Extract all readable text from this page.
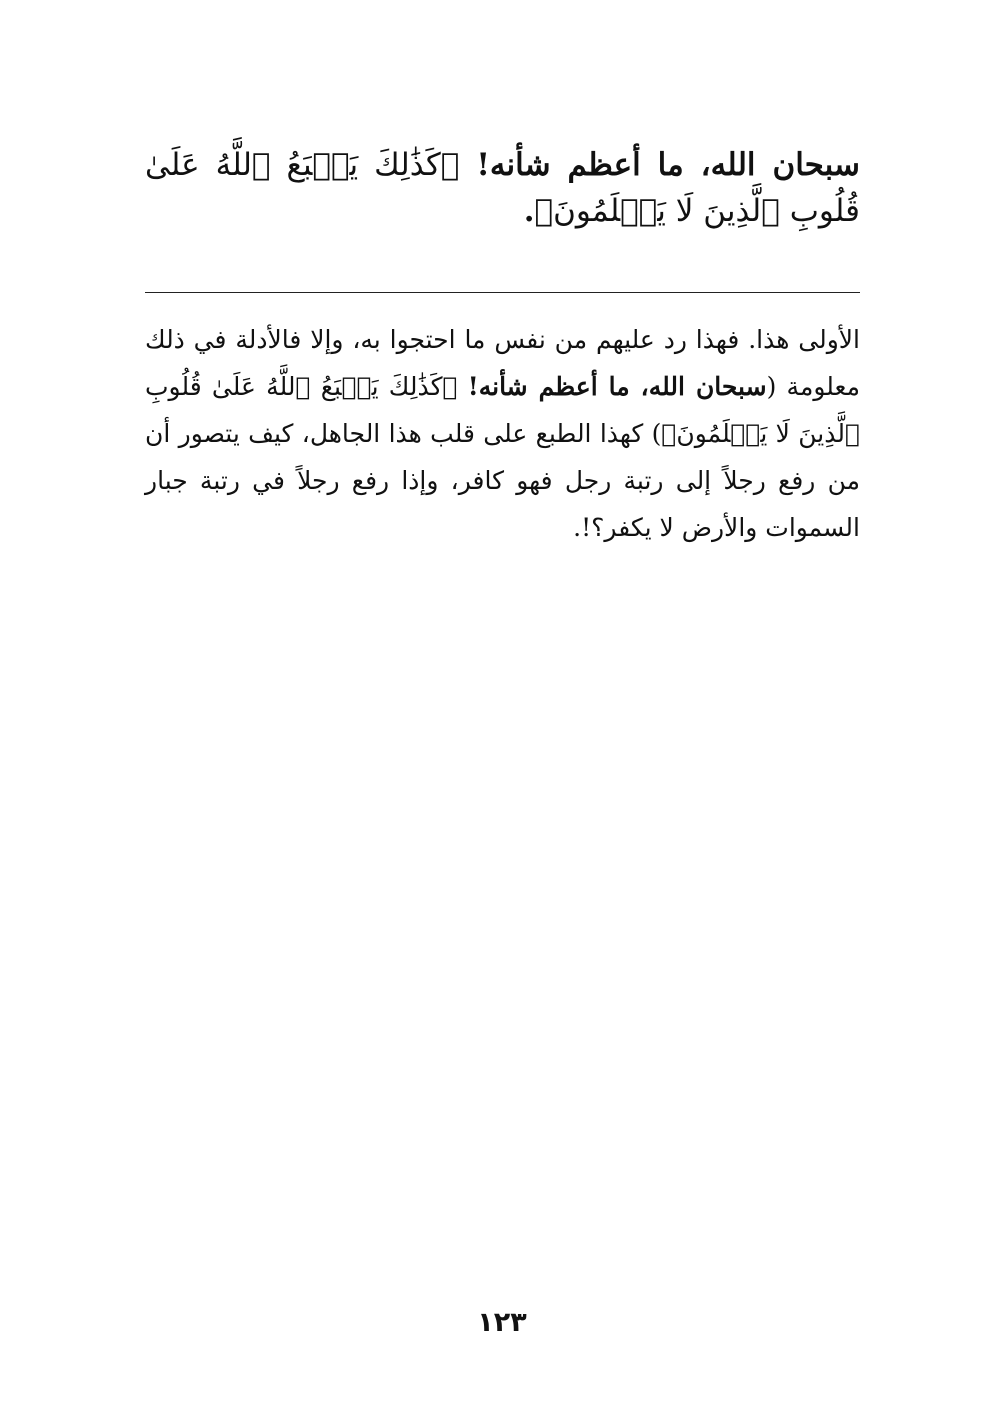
سبحان الله، ما أعظم شأنه! ﴿كَذَٰلِكَ يَطۡبَعُ ٱللَّهُ عَلَىٰ قُلُوبِ ٱلَّذِينَ لَا يَعۡلَمُونَ﴾.

الأولى هذا. فهذا رد عليهم من نفس ما احتجوا به، وإلا فالأدلة في ذلك معلومة (سبحان الله، ما أعظم شأنه! ﴿كَذَٰلِكَ يَطۡبَعُ ٱللَّهُ عَلَىٰ قُلُوبِ ٱلَّذِينَ لَا يَعۡلَمُونَ﴾) كهذا الطبع على قلب هذا الجاهل، كيف يتصور أن من رفع رجلاً إلى رتبة رجل فهو كافر، وإذا رفع رجلاً في رتبة جبار السموات والأرض لا يكفر؟!.

١٢٣
